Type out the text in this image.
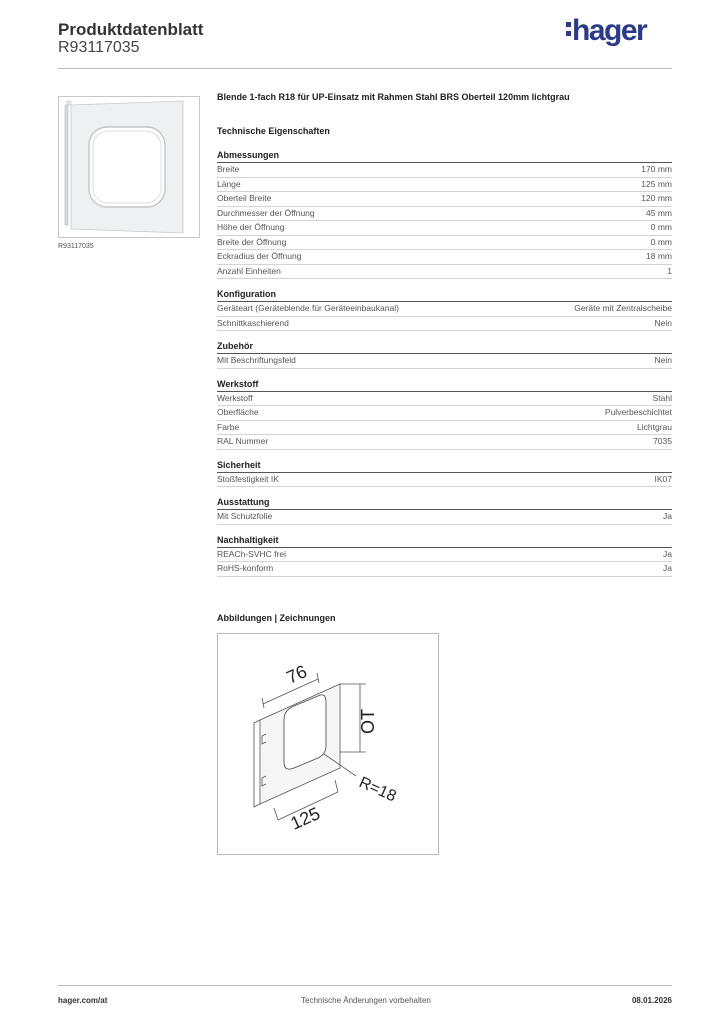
Produktdatenblatt
R93117035
hager
R93117035
Blende 1-fach R18 für UP-Einsatz mit Rahmen Stahl BRS Oberteil 120mm lichtgrau
Technische Eigenschaften
Abmessungen
Breite	170 mm
Länge	125 mm
Oberteil Breite	120 mm
Durchmesser der Öffnung	45 mm
Höhe der Öffnung	0 mm
Breite der Öffnung	0 mm
Eckradius der Öffnung	18 mm
Anzahl Einheiten	1
Konfiguration
Geräteart (Geräteblende für Geräteeinbaukanal)	Geräte mit Zentralscheibe
Schnittkaschierend	Nein
Zubehör
Mit Beschriftungsfeld	Nein
Werkstoff
Werkstoff	Stahl
Oberfläche	Pulverbeschichtet
Farbe	Lichtgrau
RAL Nummer	7035
Sicherheit
Stoßfestigkeit IK	IK07
Ausstattung
Mit Schutzfolie	Ja
Nachhaltigkeit
REACh-SVHC frei	Ja
RoHS-konform	Ja
Abbildungen | Zeichnungen
76
OT
R=18
125
hager.com/at	Technische Änderungen vorbehalten	08.01.2026
